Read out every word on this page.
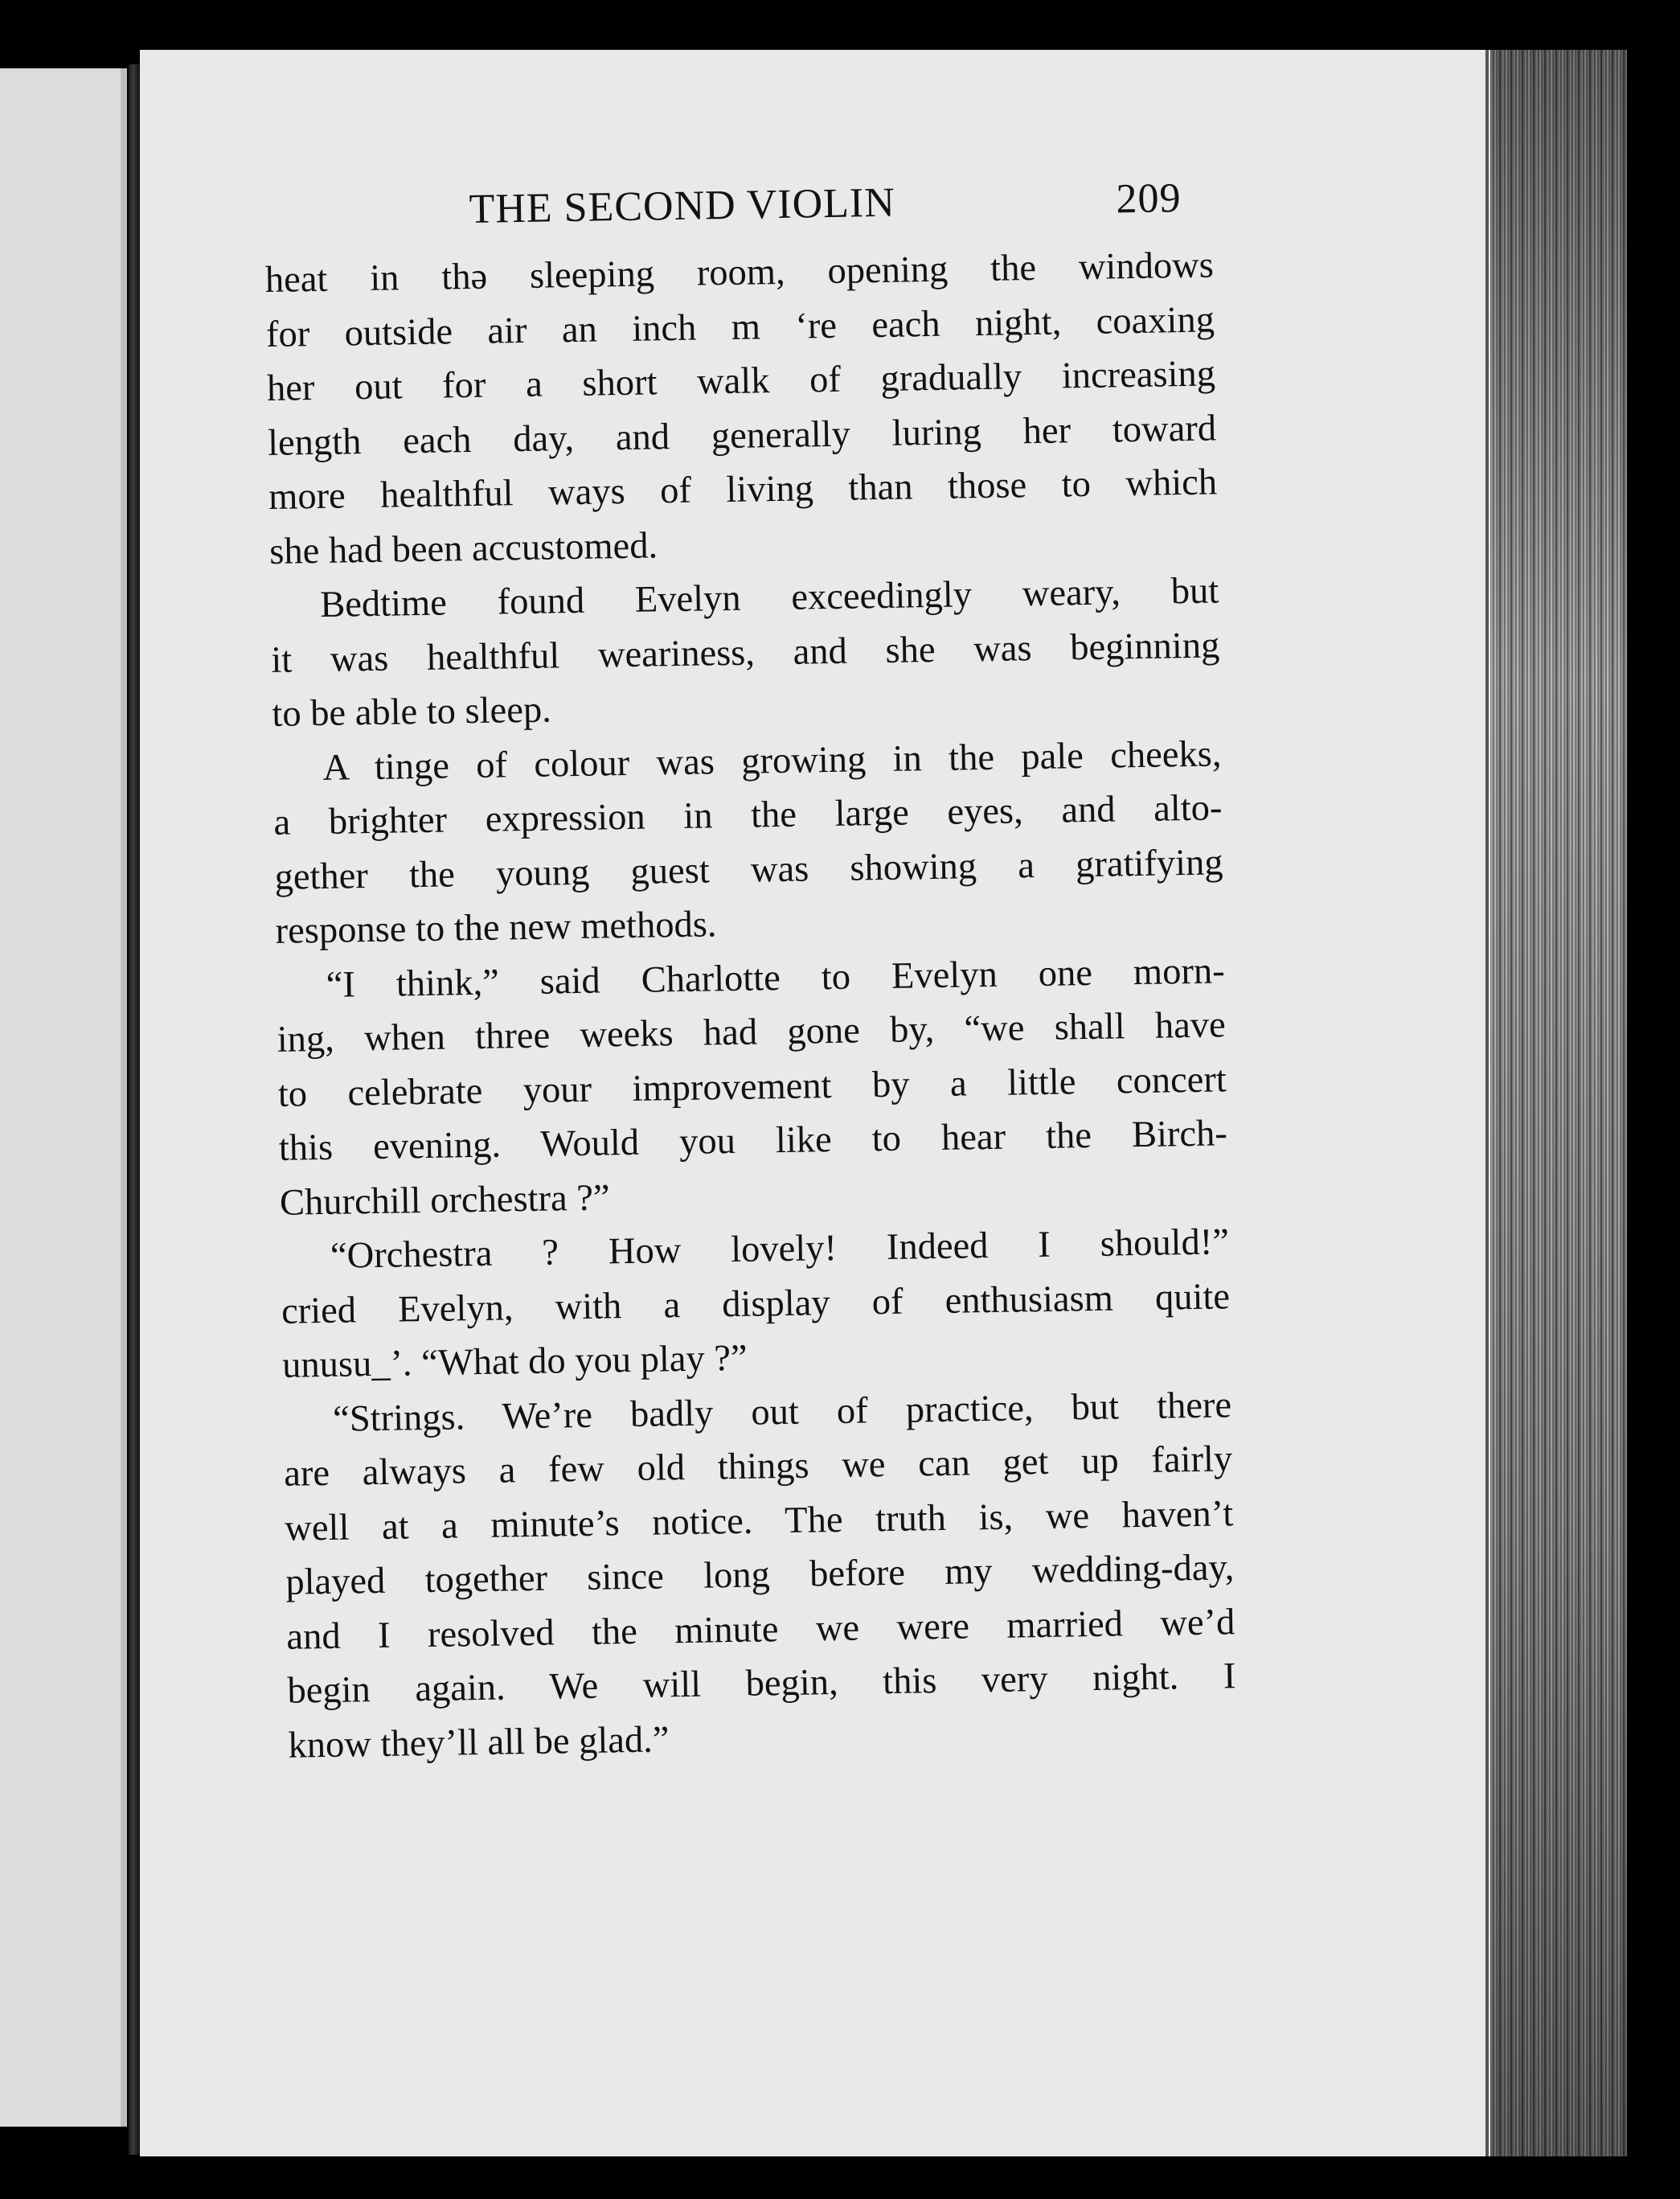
THE SECOND VIOLIN	209

heat in thə sleeping room, opening the windows
for outside air an inch m ‘re each night, coaxing
her out for a short walk of gradually increasing
length each day, and generally luring her toward
more healthful ways of living than those to which
she had been accustomed.

Bedtime found Evelyn exceedingly weary, but
it was healthful weariness, and she was beginning
to be able to sleep.

A tinge of colour was growing in the pale cheeks,
a brighter expression in the large eyes, and alto-
gether the young guest was showing a gratifying
response to the new methods.

“I think,” said Charlotte to Evelyn one morn-
ing, when three weeks had gone by, “we shall have
to celebrate your improvement by a little concert
this evening. Would you like to hear the Birch-
Churchill orchestra ?”

“Orchestra ? How lovely! Indeed I should!”
cried Evelyn, with a display of enthusiasm quite
unusu_’. “What do you play ?”

“Strings. We’re badly out of practice, but there
are always a few old things we can get up fairly
well at a minute’s notice. The truth is, we haven’t
played together since long before my wedding-day,
and I resolved the minute we were married we’d
begin again. We will begin, this very night. I
know they’ll all be glad.”
